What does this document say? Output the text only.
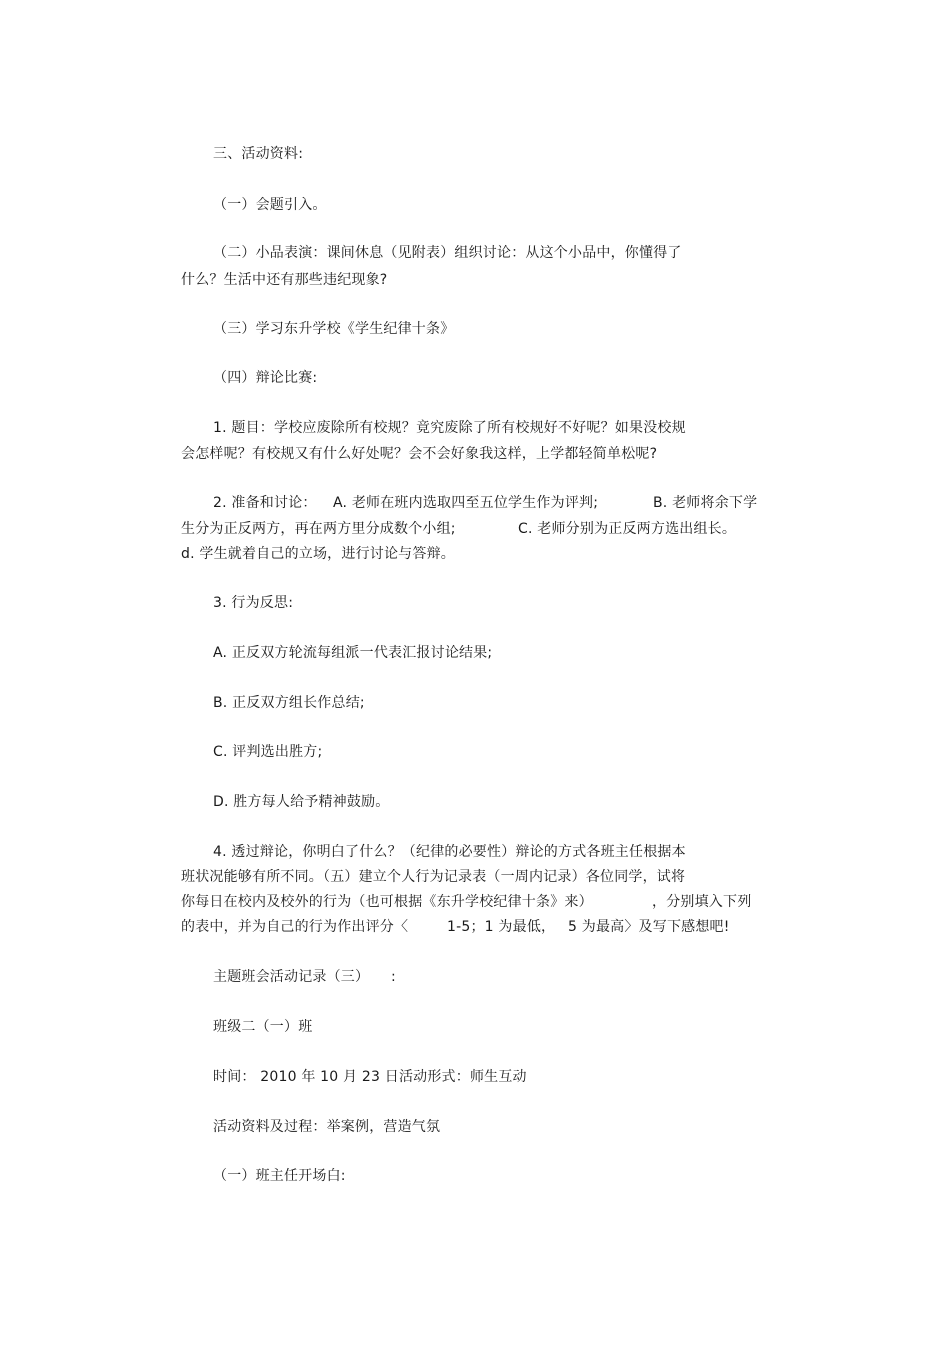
三、活动资料:
（一）会题引入。
（二）小品表演：课间休息（见附表）组织讨论：从这个小品中，你懂得了
什么？生活中还有那些违纪现象?
（三）学习东升学校《学生纪律十条》
（四）辩论比赛:
1. 题目：学校应废除所有校规？竟究废除了所有校规好不好呢？如果没校规
会怎样呢？有校规又有什么好处呢？会不会好象我这样，上学都轻简单松呢?
2. 准备和讨论： A. 老师在班内选取四至五位学生作为评判;	B. 老师将余下学
生分为正反两方，再在两方里分成数个小组;	C. 老师分别为正反两方选出组长。
d. 学生就着自己的立场，进行讨论与答辩。
3. 行为反思:
A. 正反双方轮流每组派一代表汇报讨论结果;
B. 正反双方组长作总结;
C. 评判选出胜方;
D. 胜方每人给予精神鼓励。
4. 透过辩论，你明白了什么？（纪律的必要性）辩论的方式各班主任根据本
班状况能够有所不同。（五）建立个人行为记录表（一周内记录）各位同学，试将
你每日在校内及校外的行为（也可根据《东升学校纪律十条》来）	，分别填入下列
的表中，并为自己的行为作出评分〈	1-5；1 为最低， 5 为最高〉及写下感想吧!
主题班会活动记录（三） :
班级二（一）班
时间： 2010 年 10 月 23 日活动形式：师生互动
活动资料及过程：举案例，营造气氛
（一）班主任开场白:
